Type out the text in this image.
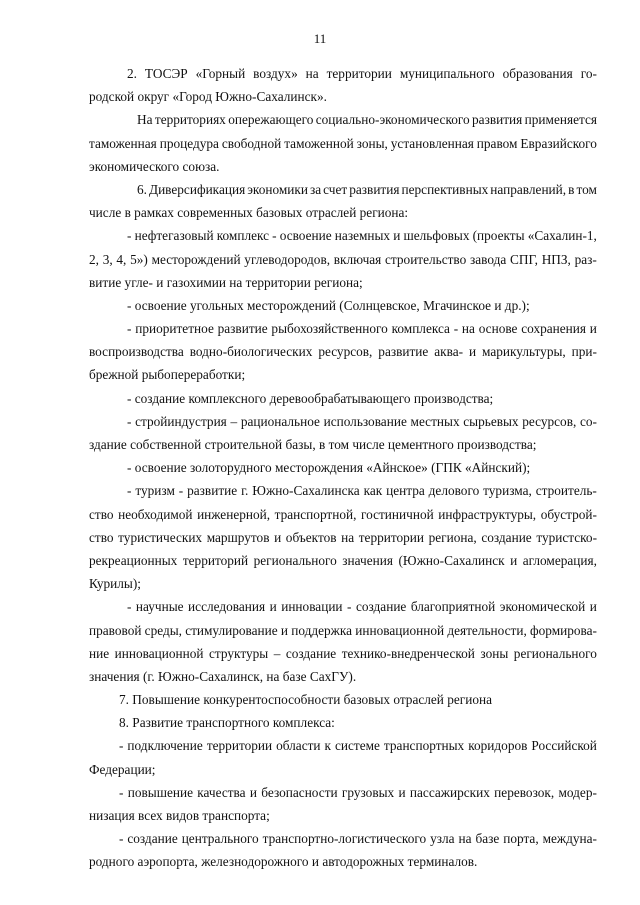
11
2. ТОСЭР «Горный воздух» на территории муниципального образования го-
родской округ «Город Южно-Сахалинск».
На территориях опережающего социально-экономического развития применяется
таможенная процедура свободной таможенной зоны, установленная правом Евразийского
экономического союза.
6. Диверсификация экономики за счет развития перспективных направлений, в том
числе в рамках современных базовых отраслей региона:
- нефтегазовый комплекс - освоение наземных и шельфовых (проекты «Сахалин-1,
2, 3, 4, 5») месторождений углеводородов, включая строительство завода СПГ, НПЗ, раз-
витие угле- и газохимии на территории региона;
- освоение угольных месторождений (Солнцевское, Мгачинское и др.);
- приоритетное развитие рыбохозяйственного комплекса - на основе сохранения и
воспроизводства водно-биологических ресурсов, развитие аква- и марикультуры, при-
брежной рыбопереработки;
- создание комплексного деревообрабатывающего производства;
- стройиндустрия – рациональное использование местных сырьевых ресурсов, со-
здание собственной строительной базы, в том числе цементного производства;
- освоение золоторудного месторождения «Айнское» (ГПК «Айнский);
- туризм - развитие г. Южно-Сахалинска как центра делового туризма, строитель-
ство необходимой инженерной, транспортной, гостиничной инфраструктуры, обустрой-
ство туристических маршрутов и объектов на территории региона, создание туристско-
рекреационных территорий регионального значения (Южно-Сахалинск и агломерация,
Курилы);
- научные исследования и инновации - создание благоприятной экономической и
правовой среды, стимулирование и поддержка инновационной деятельности, формирова-
ние инновационной структуры – создание технико-внедренческой зоны регионального
значения (г. Южно-Сахалинск, на базе СахГУ).
7. Повышение конкурентоспособности базовых отраслей региона
8. Развитие транспортного комплекса:
- подключение территории области к системе транспортных коридоров Российской
Федерации;
- повышение качества и безопасности грузовых и пассажирских перевозок, модер-
низация всех видов транспорта;
- создание центрального транспортно-логистического узла на базе порта, междуна-
родного аэропорта, железнодорожного и автодорожных терминалов.
